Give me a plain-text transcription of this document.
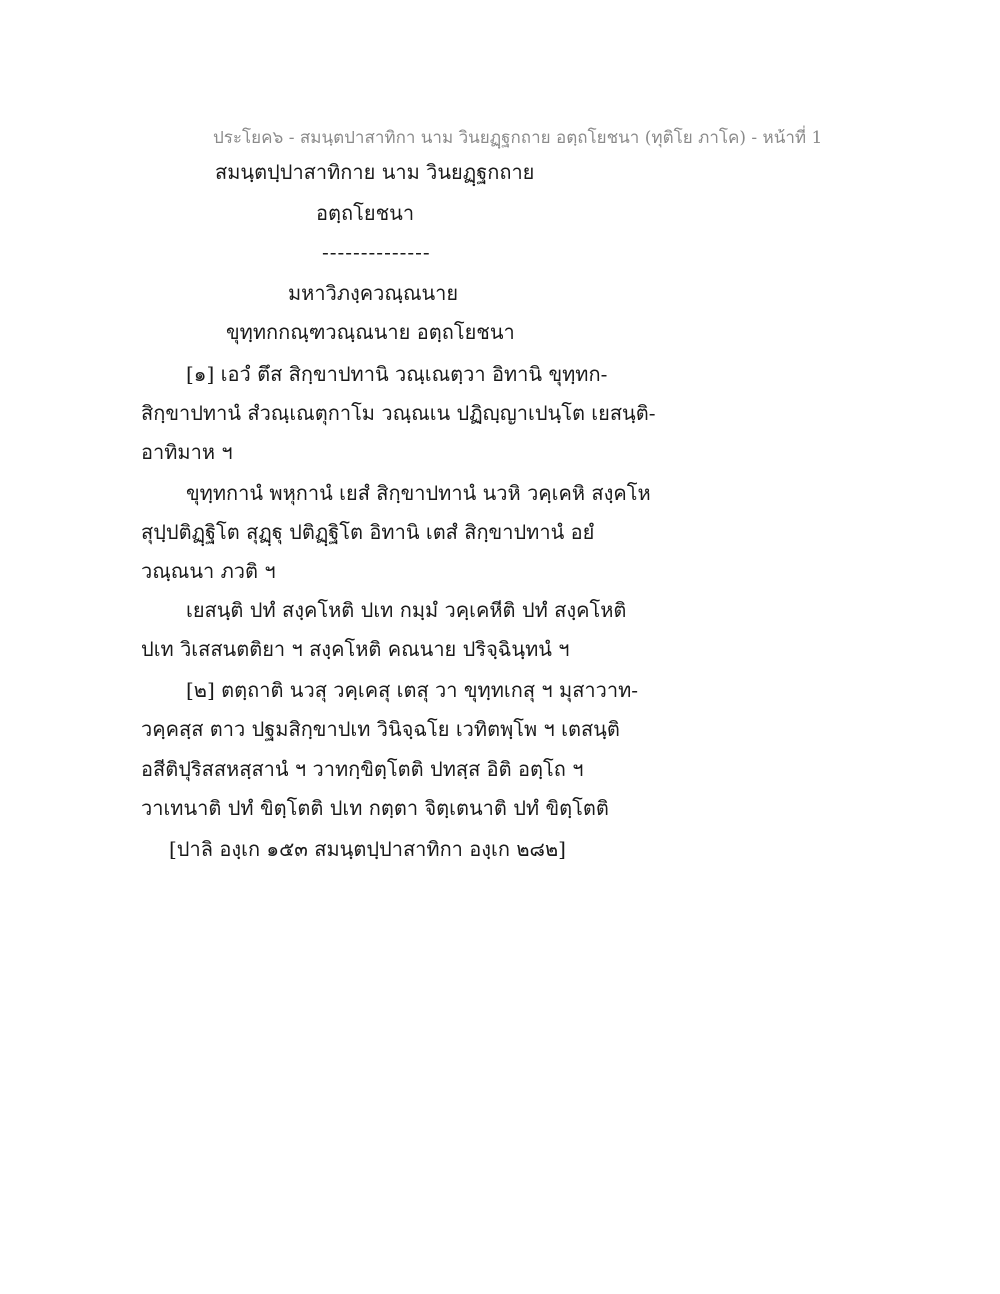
ประโยค๖ - สมนฺตปาสาทิกา นาม วินยฏฺฐกถาย อตฺถโยชนา (ทุติโย ภาโค) - หน้าที่ 1
สมนฺตปฺปาสาทิกาย นาม วินยฏฺฐกถาย
อตฺถโยชนา
--------------
มหาวิภงฺควณฺณนาย
ขุทฺทกกณฺฑวณฺณนาย อตฺถโยชนา
[๑] เอวํ ตึส สิกฺขาปทานิ วณฺเณตฺวา อิทานิ ขุทฺทก-
สิกฺขาปทานํ สํวณฺเณตุกาโม วณฺณเน ปฏิญฺญาเปนฺโต เยสนฺติ-
อาทิมาห ฯ
ขุทฺทกานํ พหุกานํ เยสํ สิกฺขาปทานํ นวหิ วคฺเคหิ สงฺคโห
สุปฺปติฏฺฐิโต สุฏฺฐุ ปติฏฺฐิโต อิทานิ เตสํ สิกฺขาปทานํ อยํ
วณฺณนา ภวติ ฯ
เยสนฺติ ปทํ สงฺคโหติ ปเท กมฺมํ วคฺเคหีติ ปทํ สงฺคโหติ
ปเท วิเสสนตติยา ฯ สงฺคโหติ คณนาย ปริจฺฉินฺทนํ ฯ
[๒] ตตฺถาติ นวสุ วคฺเคสุ เตสุ วา ขุทฺทเกสุ ฯ มุสาวาท-
วคฺคสฺส ตาว ปฐมสิกฺขาปเท วินิจฺฉโย เวทิตพฺโพ ฯ เตสนฺติ
อสีติปุริสสหสฺสานํ ฯ วาทกฺขิตฺโตติ ปทสฺส อิติ อตฺโถ ฯ
วาเทนาติ ปทํ ขิตฺโตติ ปเท กตฺตา จิตฺเตนาติ ปทํ ขิตฺโตติ
[ปาลิ องฺเก ๑๕๓ สมนฺตปฺปาสาทิกา องฺเก ๒๘๒]
